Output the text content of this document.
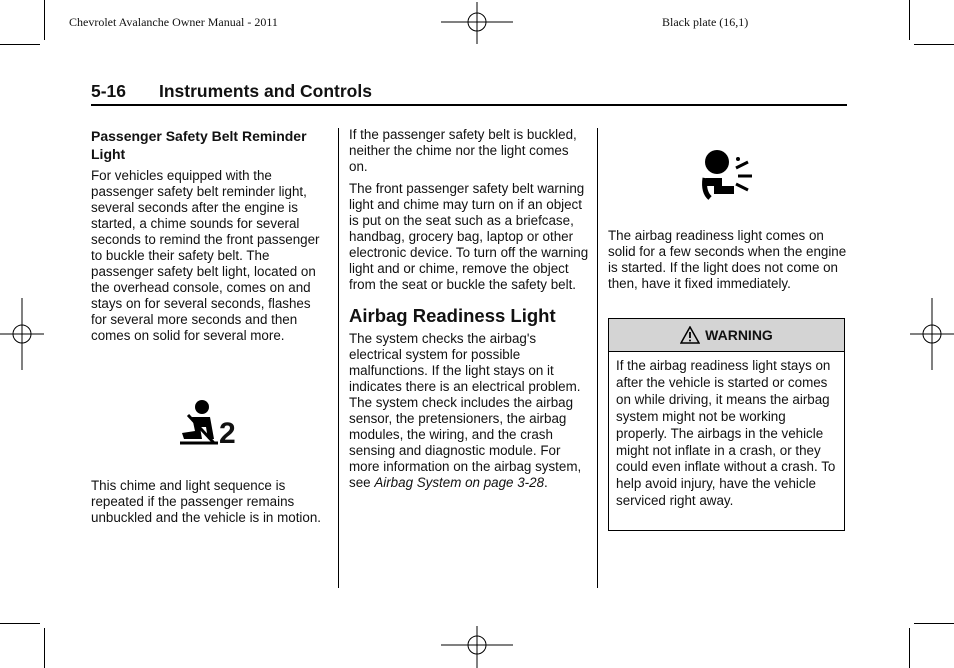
Chevrolet Avalanche Owner Manual - 2011	Black plate (16,1)
5-16 Instruments and Controls
Passenger Safety Belt Reminder Light

For vehicles equipped with the passenger safety belt reminder light, several seconds after the engine is started, a chime sounds for several seconds to remind the front passenger to buckle their safety belt. The passenger safety belt light, located on the overhead console, comes on and stays on for several seconds, flashes for several more seconds and then comes on solid for several more.

2

This chime and light sequence is repeated if the passenger remains unbuckled and the vehicle is in motion.

If the passenger safety belt is buckled, neither the chime nor the light comes on.

The front passenger safety belt warning light and chime may turn on if an object is put on the seat such as a briefcase, handbag, grocery bag, laptop or other electronic device. To turn off the warning light and or chime, remove the object from the seat or buckle the safety belt.

Airbag Readiness Light

The system checks the airbag's electrical system for possible malfunctions. If the light stays on it indicates there is an electrical problem. The system check includes the airbag sensor, the pretensioners, the airbag modules, the wiring, and the crash sensing and diagnostic module. For more information on the airbag system, see Airbag System on page 3-28.

The airbag readiness light comes on solid for a few seconds when the engine is started. If the light does not come on then, have it fixed immediately.

WARNING
If the airbag readiness light stays on after the vehicle is started or comes on while driving, it means the airbag system might not be working properly. The airbags in the vehicle might not inflate in a crash, or they could even inflate without a crash. To help avoid injury, have the vehicle serviced right away.
